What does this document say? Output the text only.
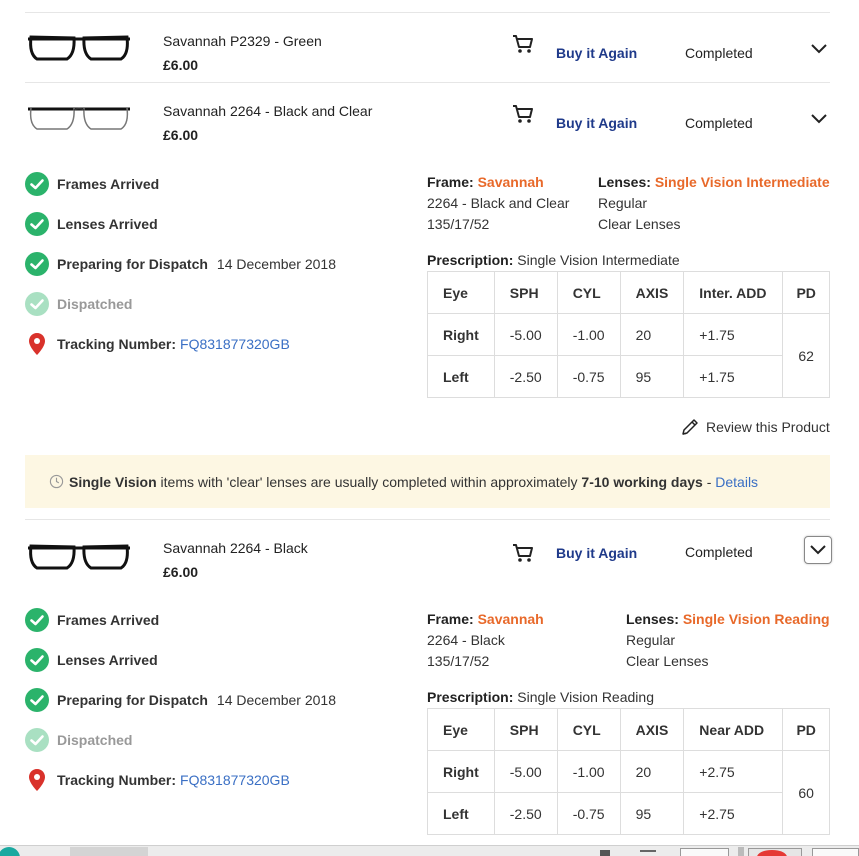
Savannah P2329 - Green
£6.00
Buy it Again	Completed
Savannah 2264 - Black and Clear
£6.00
Buy it Again	Completed
Frames Arrived
Lenses Arrived
Preparing for Dispatch 14 December 2018
Dispatched
Tracking Number: FQ831877320GB
Frame: Savannah
2264 - Black and Clear
135/17/52
Lenses: Single Vision Intermediate
Regular
Clear Lenses
Prescription: Single Vision Intermediate
Eye	SPH	CYL	AXIS	Inter. ADD	PD
Right	-5.00	-1.00	20	+1.75	62
Left	-2.50	-0.75	95	+1.75	
Review this Product
Single Vision items with 'clear' lenses are usually completed within approximately 7-10 working days - Details
Savannah 2264 - Black
£6.00
Buy it Again	Completed
Frames Arrived
Lenses Arrived
Preparing for Dispatch 14 December 2018
Dispatched
Tracking Number: FQ831877320GB
Frame: Savannah
2264 - Black
135/17/52
Lenses: Single Vision Reading
Regular
Clear Lenses
Prescription: Single Vision Reading
Eye	SPH	CYL	AXIS	Near ADD	PD
Right	-5.00	-1.00	20	+2.75	60
Left	-2.50	-0.75	95	+2.75	
